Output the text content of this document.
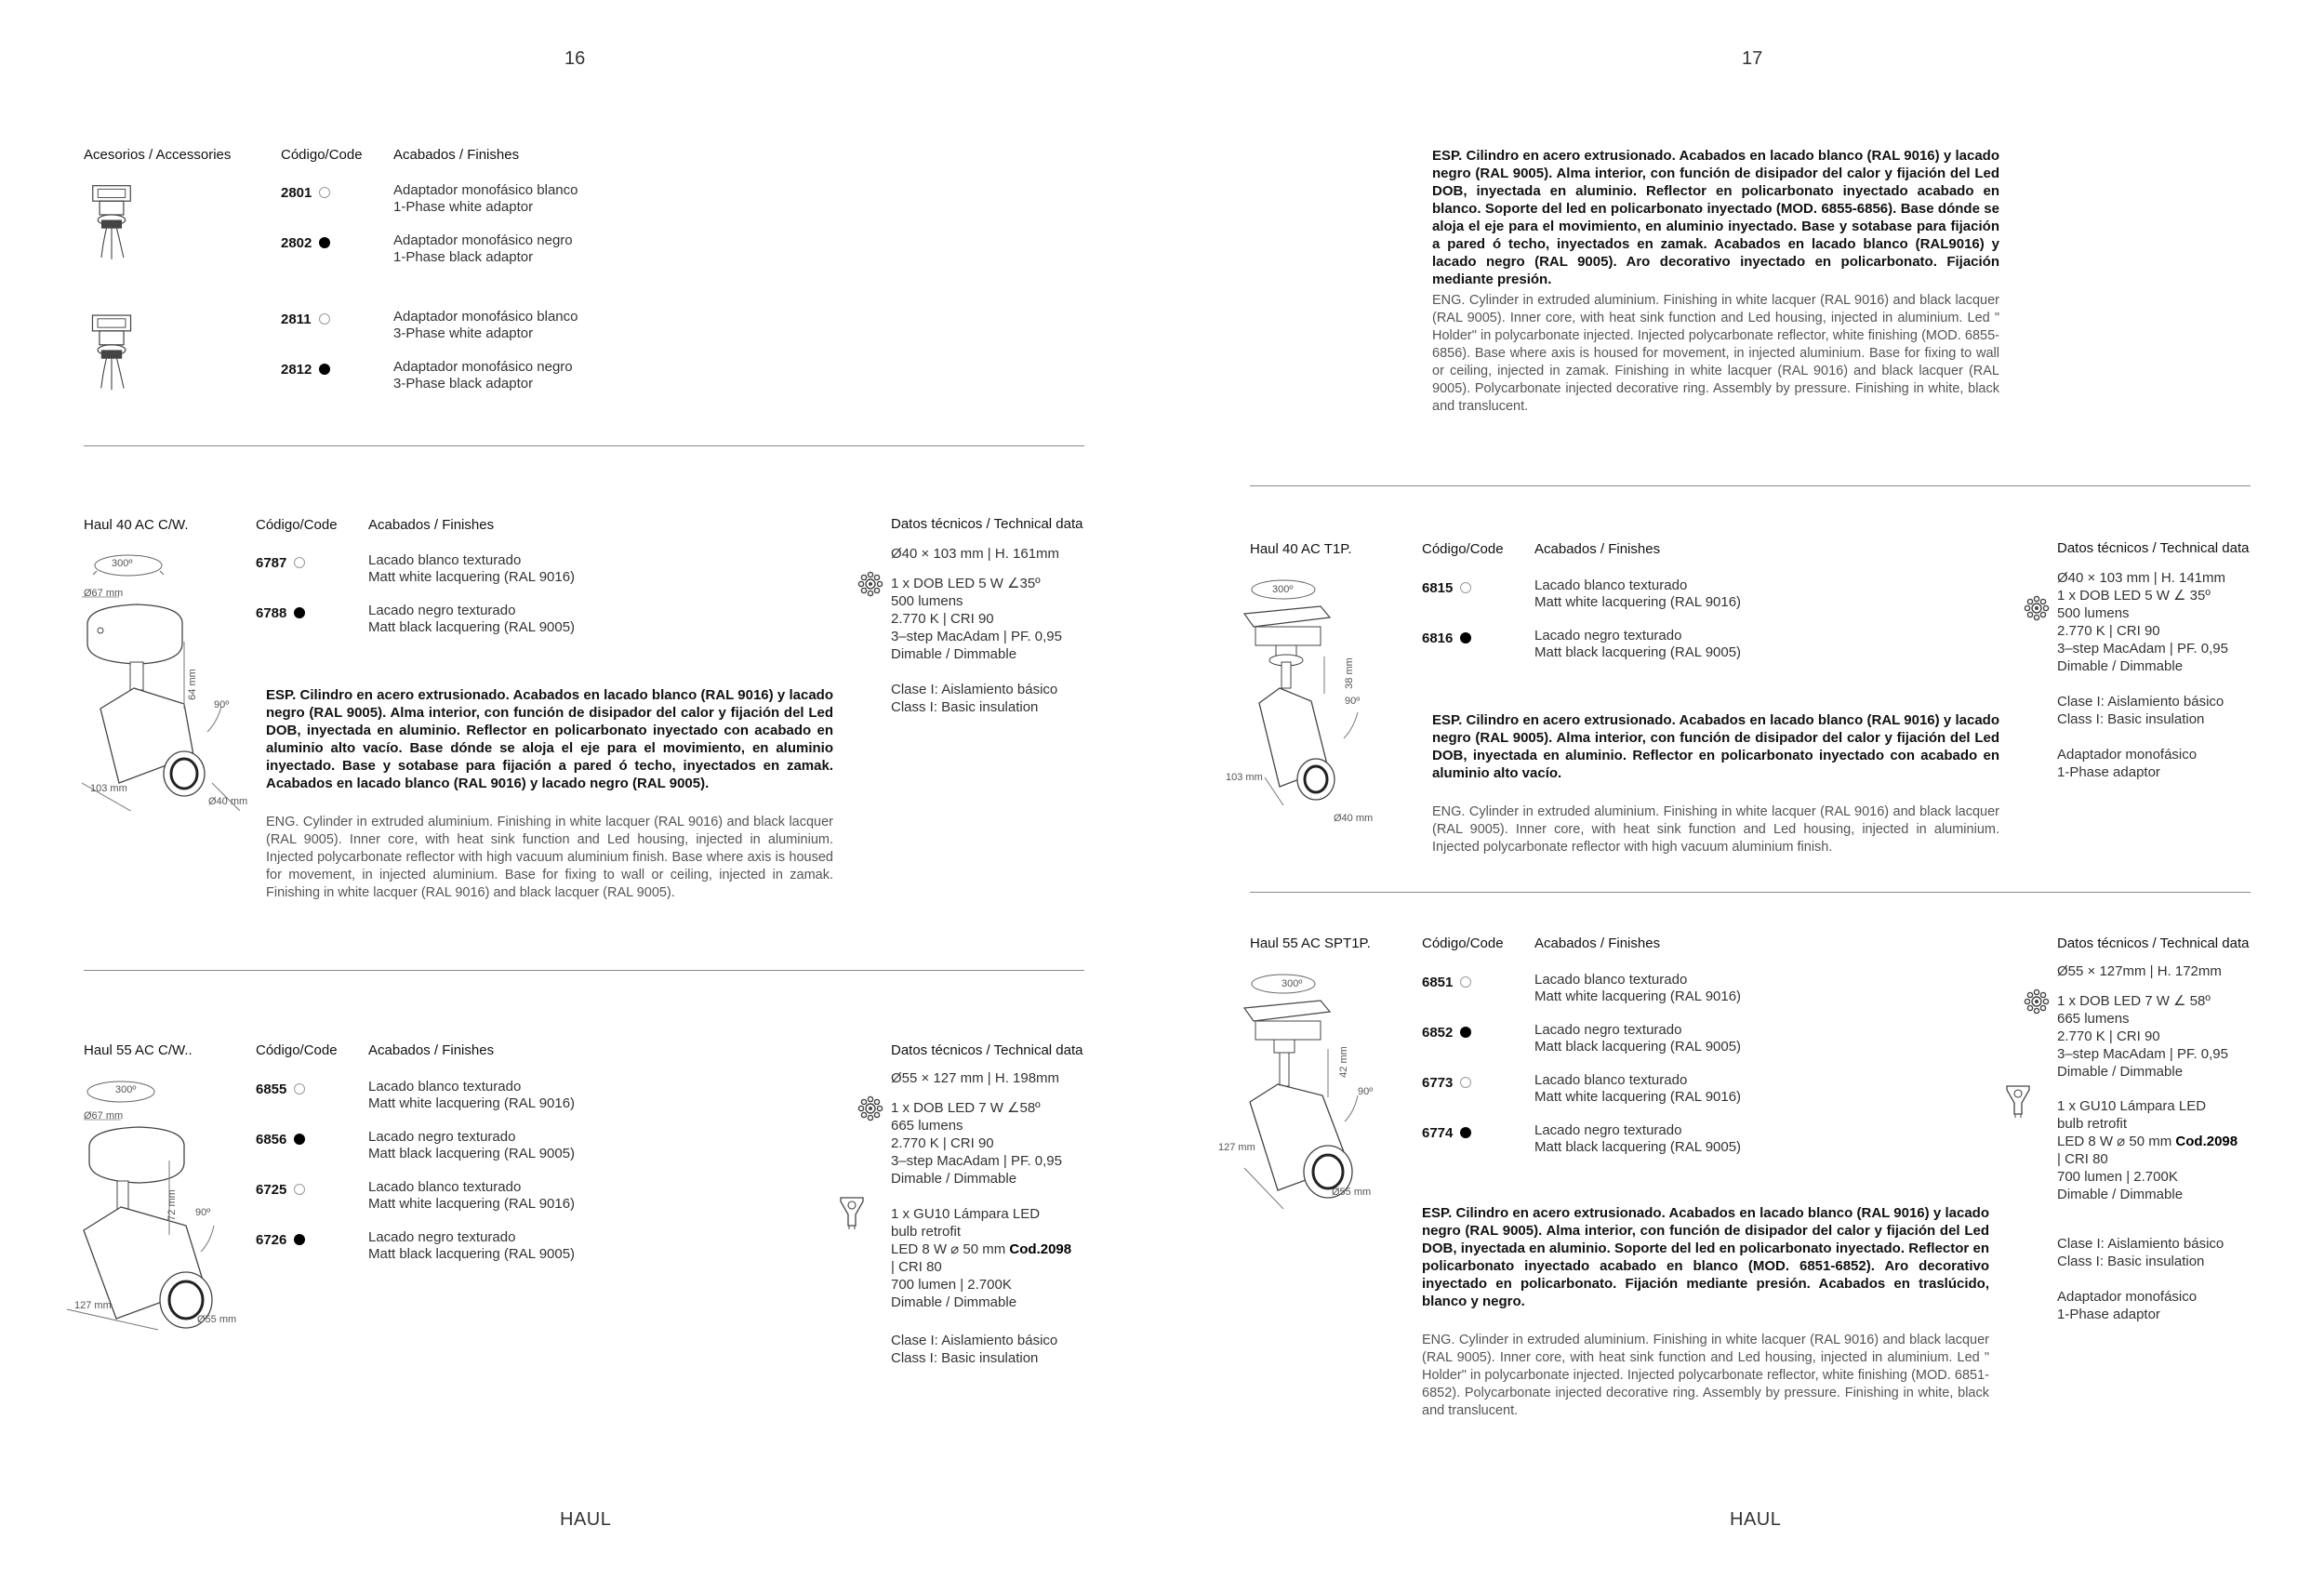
16	17
HAUL	HAUL
Acesorios / Accessories	Código/Code Acabados / Finishes
2801	Adaptador monofásico blanco
1-Phase white adaptor
2802	Adaptador monofásico negro
1-Phase black adaptor
2811	Adaptador monofásico blanco
3-Phase white adaptor
2812	Adaptador monofásico negro
3-Phase black adaptor
Haul 40 AC C/W.	Código/Code Acabados / Finishes	Datos técnicos / Technical data
300º
Ø67 mm
64 mm
90º
103 mm
Ø40 mm
6787	Lacado blanco texturado
Matt white lacquering (RAL 9016)
6788	Lacado negro texturado
Matt black lacquering (RAL 9005)
ESP. Cilindro en acero extrusionado. Acabados en lacado blanco (RAL 9016) y lacado negro (RAL 9005). Alma interior, con función de disipador del calor y fijación del Led DOB, inyectada en aluminio. Reflector en policarbonato inyectado con acabado en aluminio alto vacío. Base dónde se aloja el eje para el movimiento, en aluminio inyectado. Base y sotabase para fijación a pared ó techo, inyectados en zamak. Acabados en lacado blanco (RAL 9016) y lacado negro (RAL 9005).
ENG. Cylinder in extruded aluminium. Finishing in white lacquer (RAL 9016) and black lacquer (RAL 9005). Inner core, with heat sink function and Led housing, injected in aluminium. Injected polycarbonate reflector with high vacuum aluminium finish. Base where axis is housed for movement, in injected aluminium. Base for fixing to wall or ceiling, injected in zamak. Finishing in white lacquer (RAL 9016) and black lacquer (RAL 9005).
Ø40 × 103 mm | H. 161mm
1 x DOB LED 5 W ∠35º
500 lumens
2.770 K | CRI 90
3–step MacAdam | PF. 0,95
Dimable / Dimmable
Clase I: Aislamiento básico
Class I: Basic insulation
Haul 55 AC C/W..	Código/Code Acabados / Finishes	Datos técnicos / Technical data
300º
Ø67 mm
72 mm 90º
127 mm
Ø55 mm
6855	Lacado blanco texturado
Matt white lacquering (RAL 9016)
6856	Lacado negro texturado
Matt black lacquering (RAL 9005)
6725	Lacado blanco texturado
Matt white lacquering (RAL 9016)
6726	Lacado negro texturado
Matt black lacquering (RAL 9005)
Ø55 × 127 mm | H. 198mm
1 x DOB LED 7 W ∠58º
665 lumens
2.770 K | CRI 90
3–step MacAdam | PF. 0,95
Dimable / Dimmable
1 x GU10 Lámpara LED
bulb retrofit
LED 8 W ⌀ 50 mm Cod.2098
| CRI 80
700 lumen | 2.700K
Dimable / Dimmable
Clase I: Aislamiento básico
Class I: Basic insulation
ESP. Cilindro en acero extrusionado. Acabados en lacado blanco (RAL 9016) y lacado negro (RAL 9005). Alma interior, con función de disipador del calor y fijación del Led DOB, inyectada en aluminio. Reflector en policarbonato inyectado acabado en blanco. Soporte del led en policarbonato inyectado (MOD. 6855-6856). Base dónde se aloja el eje para el movimiento, en aluminio inyectado. Base y sotabase para fijación a pared ó techo, inyectados en zamak. Acabados en lacado blanco (RAL9016) y lacado negro (RAL 9005). Aro decorativo inyectado en policarbonato. Fijación mediante presión.
ENG. Cylinder in extruded aluminium. Finishing in white lacquer (RAL 9016) and black lacquer (RAL 9005). Inner core, with heat sink function and Led housing, injected in aluminium. Led " Holder" in polycarbonate injected. Injected polycarbonate reflector, white finishing (MOD. 6855-6856). Base where axis is housed for movement, in injected aluminium. Base for fixing to wall or ceiling, injected in zamak. Finishing in white lacquer (RAL 9016) and black lacquer (RAL 9005). Polycarbonate injected decorative ring. Assembly by pressure. Finishing in white, black and translucent.
Haul 40 AC T1P.	Código/Code Acabados / Finishes	Datos técnicos / Technical data
300º
38 mm
90º
103 mm
Ø40 mm
6815	Lacado blanco texturado
Matt white lacquering (RAL 9016)
6816	Lacado negro texturado
Matt black lacquering (RAL 9005)
ESP. Cilindro en acero extrusionado. Acabados en lacado blanco (RAL 9016) y lacado negro (RAL 9005). Alma interior, con función de disipador del calor y fijación del Led DOB, inyectada en aluminio. Reflector en policarbonato inyectado con acabado en aluminio alto vacío.
ENG. Cylinder in extruded aluminium. Finishing in white lacquer (RAL 9016) and black lacquer (RAL 9005). Inner core, with heat sink function and Led housing, injected in aluminium. Injected polycarbonate reflector with high vacuum aluminium finish.
Ø40 × 103 mm | H. 141mm
1 x DOB LED 5 W ∠ 35º
500 lumens
2.770 K | CRI 90
3–step MacAdam | PF. 0,95
Dimable / Dimmable
Clase I: Aislamiento básico
Class I: Basic insulation
Adaptador monofásico
1-Phase adaptor
Haul 55 AC SPT1P.	Código/Code Acabados / Finishes	Datos técnicos / Technical data
300º
42 mm
90º
127 mm
Ø55 mm
6851	Lacado blanco texturado
Matt white lacquering (RAL 9016)
6852	Lacado negro texturado
Matt black lacquering (RAL 9005)
6773	Lacado blanco texturado
Matt white lacquering (RAL 9016)
6774	Lacado negro texturado
Matt black lacquering (RAL 9005)
ESP. Cilindro en acero extrusionado. Acabados en lacado blanco (RAL 9016) y lacado negro (RAL 9005). Alma interior, con función de disipador del calor y fijación del Led DOB, inyectada en aluminio. Soporte del led en policarbonato inyectado. Reflector en policarbonato inyectado acabado en blanco (MOD. 6851-6852). Aro decorativo inyectado en policarbonato. Fijación mediante presión. Acabados en traslúcido, blanco y negro.
ENG. Cylinder in extruded aluminium. Finishing in white lacquer (RAL 9016) and black lacquer (RAL 9005). Inner core, with heat sink function and Led housing, injected in aluminium. Led " Holder" in polycarbonate injected. Injected polycarbonate reflector, white finishing (MOD. 6851-6852). Polycarbonate injected decorative ring. Assembly by pressure. Finishing in white, black and translucent.
Ø55 × 127mm | H. 172mm
1 x DOB LED 7 W ∠ 58º
665 lumens
2.770 K | CRI 90
3–step MacAdam | PF. 0,95
Dimable / Dimmable
1 x GU10 Lámpara LED
bulb retrofit
LED 8 W ⌀ 50 mm Cod.2098
| CRI 80
700 lumen | 2.700K
Dimable / Dimmable
Clase I: Aislamiento básico
Class I: Basic insulation
Adaptador monofásico
1-Phase adaptor
